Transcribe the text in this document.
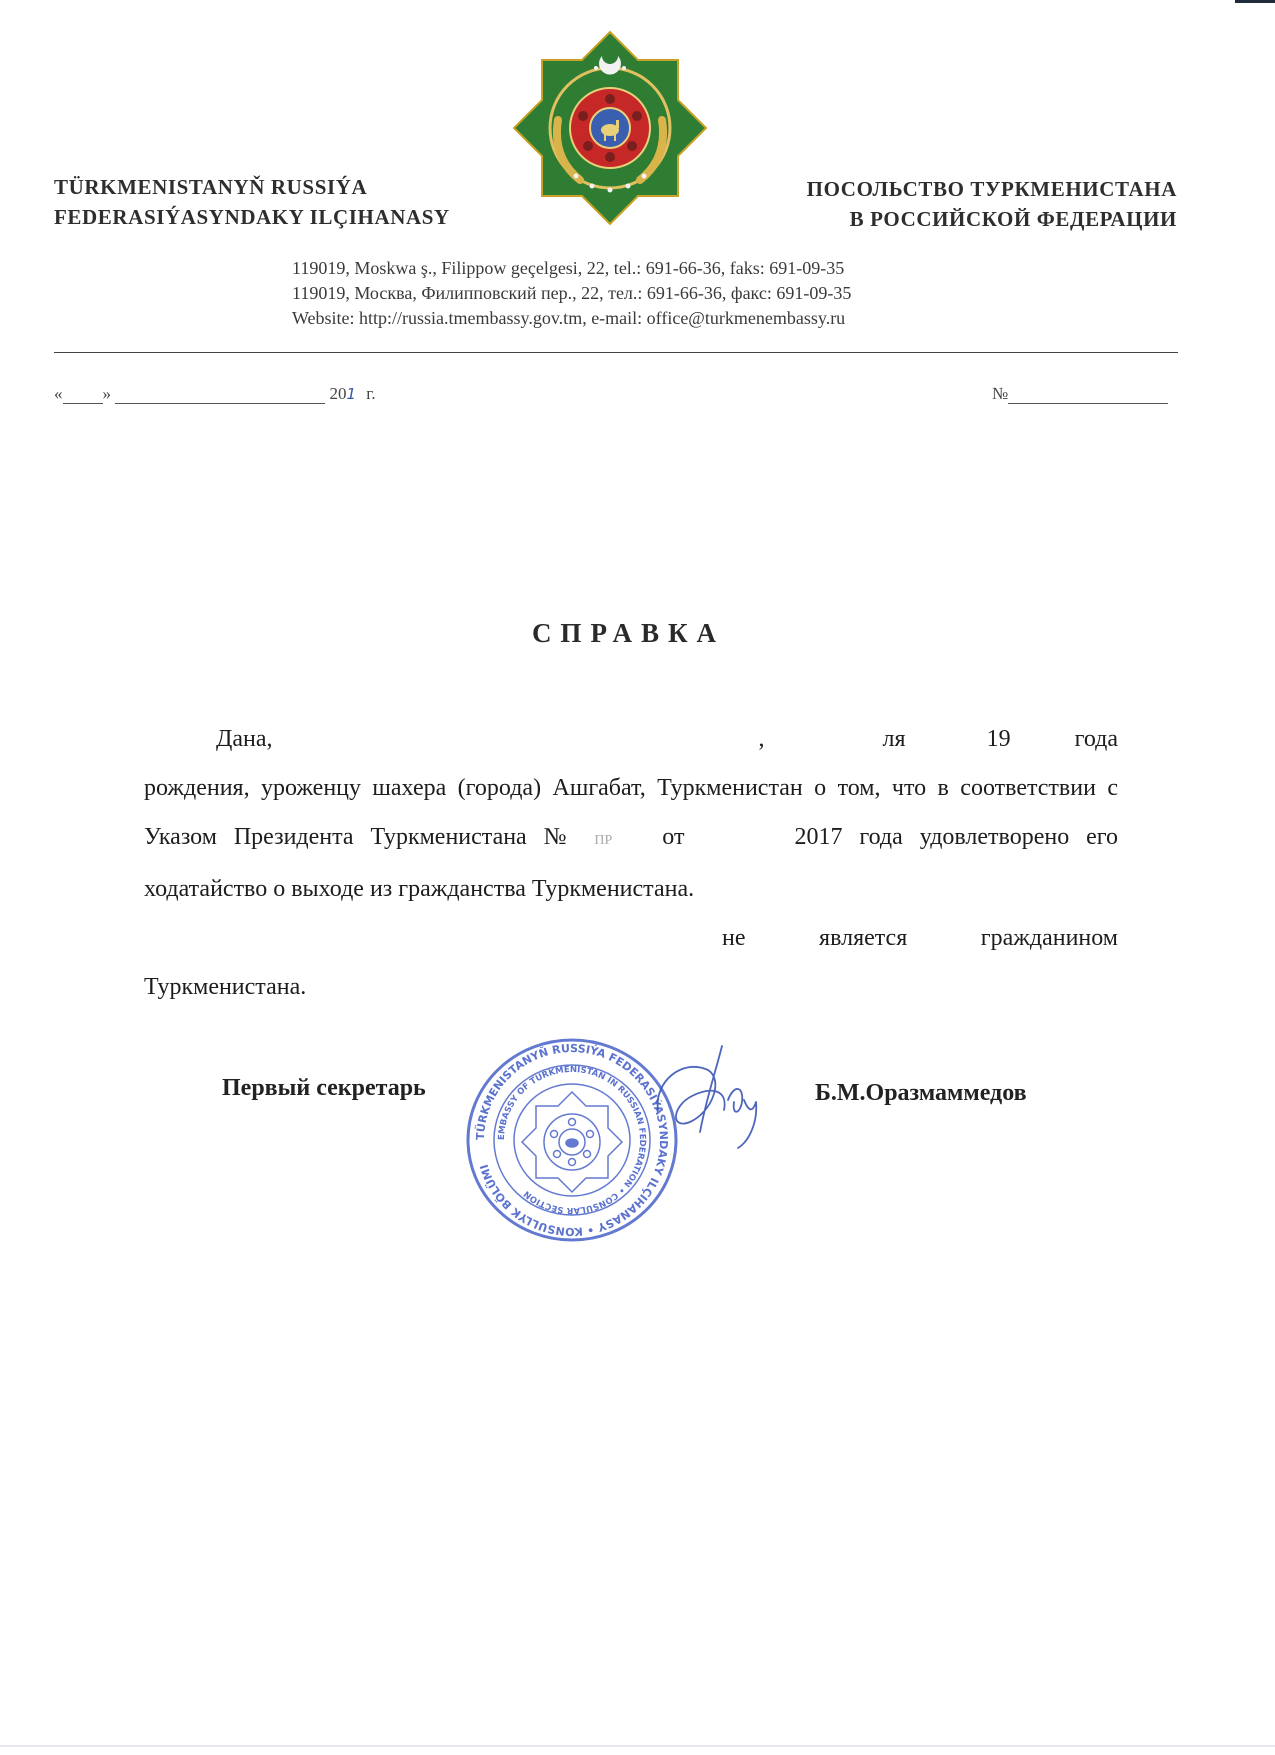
TÜRKMENISTANYŇ RUSSIÝA
FEDERASIÝASYNDAKY ILÇIHANASY
ПОСОЛЬСТВО ТУРКМЕНИСТАНА
В РОССИЙСКОЙ ФЕДЕРАЦИИ
119019, Moskwa ş., Filippow geçelgesi, 22, tel.: 691-66-36, faks: 691-09-35
119019, Москва, Филипповский пер., 22, тел.: 691-66-36, факс: 691-09-35
Website: http://russia.tmembassy.gov.tm, e-mail: office@turkmenembassy.ru
« »	201 г.	№
СПРАВКА

Дана,	,	ля 19	года рождения, уроженцу шахера (города) Ашгабат, Туркменистан о том, что в соответствии с Указом Президента Туркменистана № ПР от	2017 года удовлетворено его ходатайство о выходе из гражданства Туркменистана.

не является гражданином Туркменистана.

Первый секретарь	Б.М.Оразмаммедов
TÜRKMENISTANYŇ RUSSIÝA FEDERASIÝASYNDAKY ILÇIHANASY • KONSULLYK BÖLÜMI
EMBASSY OF TURKMENISTAN IN RUSSIAN FEDERATION • CONSULAR SECTION
